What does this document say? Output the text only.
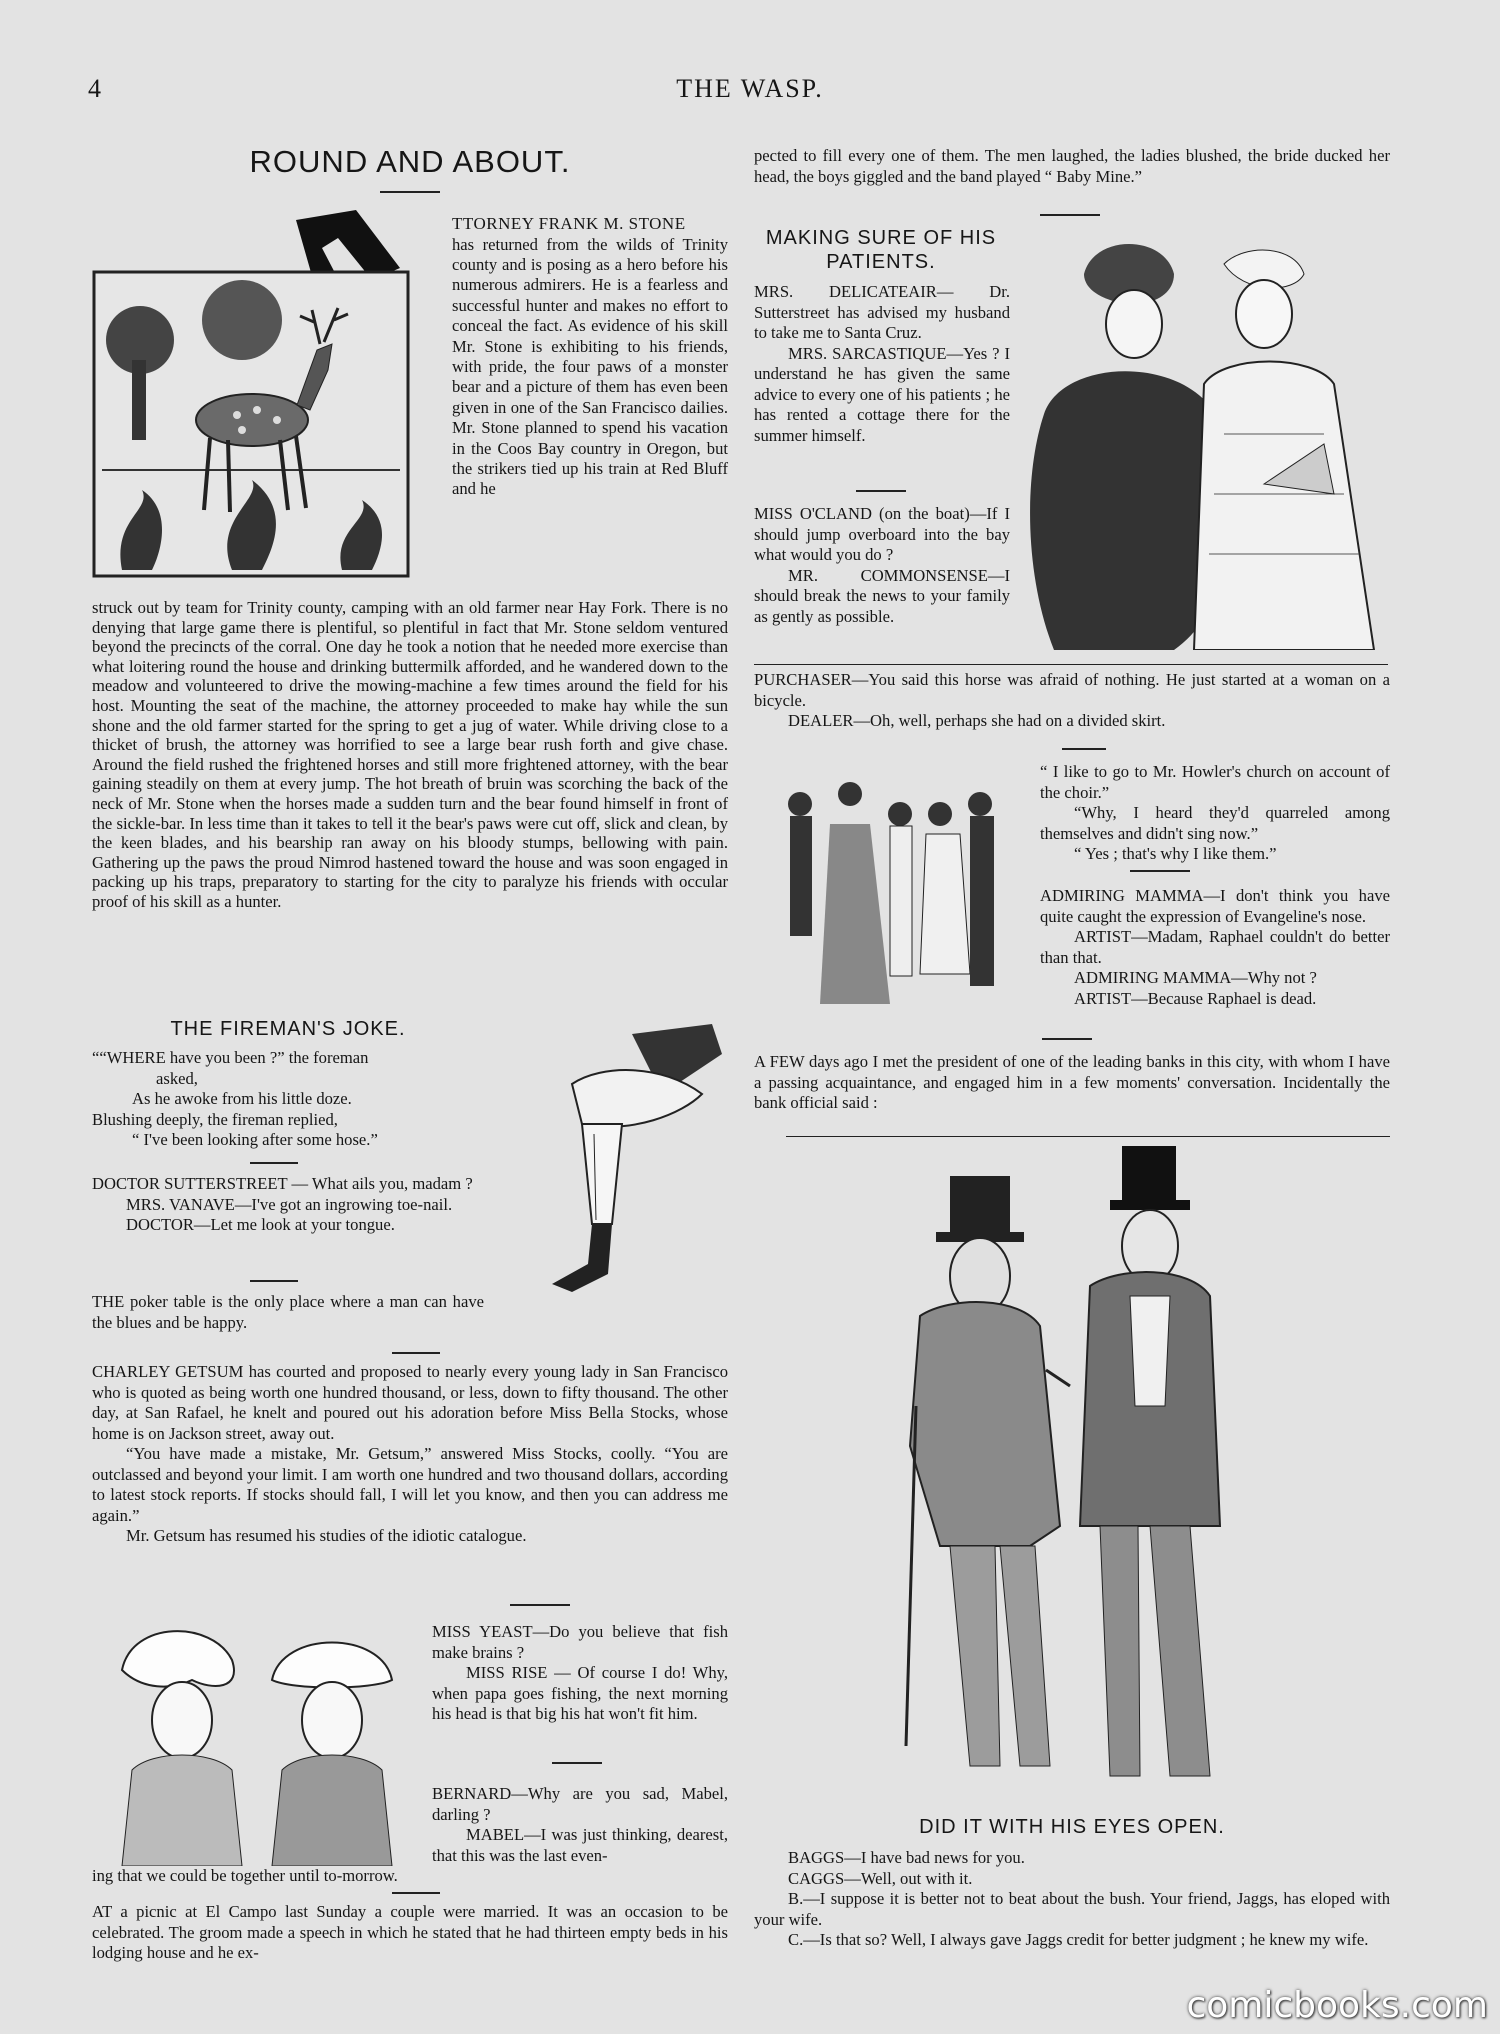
4	THE WASP.
ROUND AND ABOUT.

TTORNEY FRANK M. STONE

has returned from the wilds of Trinity county and is posing as a hero before his numerous admirers. He is a fearless and successful hunter and makes no effort to conceal the fact. As evidence of his skill Mr. Stone is exhibiting to his friends, with pride, the four paws of a monster bear and a picture of them has even been given in one of the San Francisco dailies. Mr. Stone planned to spend his vacation in the Coos Bay country in Oregon, but the strikers tied up his train at Red Bluff and he

struck out by team for Trinity county, camping with an old farmer near Hay Fork. There is no denying that large game there is plentiful, so plentiful in fact that Mr. Stone seldom ventured beyond the precincts of the corral. One day he took a notion that he needed more exercise than what loitering round the house and drinking buttermilk afforded, and he wandered down to the meadow and volunteered to drive the mowing-machine a few times around the field for his host. Mounting the seat of the machine, the attorney proceeded to make hay while the sun shone and the old farmer started for the spring to get a jug of water. While driving close to a thicket of brush, the attorney was horrified to see a large bear rush forth and give chase. Around the field rushed the frightened horses and still more frightened attorney, with the bear gaining steadily on them at every jump. The hot breath of bruin was scorching the back of the neck of Mr. Stone when the horses made a sudden turn and the bear found himself in front of the sickle-bar. In less time than it takes to tell it the bear's paws were cut off, slick and clean, by the keen blades, and his bearship ran away on his bloody stumps, bellowing with pain. Gathering up the paws the proud Nimrod hastened toward the house and was soon engaged in packing up his traps, preparatory to starting for the city to paralyze his friends with occular proof of his skill as a hunter.

THE FIREMAN'S JOKE.

““WHERE have you been ?” the foreman

asked,

As he awoke from his little doze.

Blushing deeply, the fireman replied,

“ I've been looking after some hose.”

DOCTOR SUTTERSTREET — What ails you, madam ?

MRS. VANAVE—I've got an ingrowing toe-nail.

DOCTOR—Let me look at your tongue.

THE poker table is the only place where a man can have the blues and be happy.

CHARLEY GETSUM has courted and proposed to nearly every young lady in San Francisco who is quoted as being worth one hundred thousand, or less, down to fifty thousand. The other day, at San Rafael, he knelt and poured out his adoration before Miss Bella Stocks, whose home is on Jackson street, away out.

“You have made a mistake, Mr. Getsum,” answered Miss Stocks, coolly. “You are outclassed and beyond your limit. I am worth one hundred and two thousand dollars, according to latest stock reports. If stocks should fall, I will let you know, and then you can address me again.”

Mr. Getsum has resumed his studies of the idiotic catalogue.

MISS YEAST—Do you believe that fish make brains ?

MISS RISE — Of course I do! Why, when papa goes fishing, the next morning his head is that big his hat won't fit him.

BERNARD—Why are you sad, Mabel, darling ?

MABEL—I was just thinking, dearest, that this was the last even-

ing that we could be together until to-morrow.
AT a picnic at El Campo last Sunday a couple were married. It was an occasion to be celebrated. The groom made a speech in which he stated that he had thirteen empty beds in his lodging house and he ex-
pected to fill every one of them. The men laughed, the ladies blushed, the bride ducked her head, the boys giggled and the band played “ Baby Mine.”
MAKING SURE OF HIS PATIENTS.

MRS. DELICATEAIR— Dr. Sutterstreet has advised my husband to take me to Santa Cruz.

MRS. SARCASTIQUE—Yes ? I understand he has given the same advice to every one of his patients ; he has rented a cottage there for the summer himself.

MISS O'CLAND (on the boat)—If I should jump overboard into the bay what would you do ?

MR. COMMONSENSE—I should break the news to your family as gently as possible.

PURCHASER—You said this horse was afraid of nothing. He just started at a woman on a bicycle.

DEALER—Oh, well, perhaps she had on a divided skirt.

“ I like to go to Mr. Howler's church on account of the choir.”

“Why, I heard they'd quarreled among themselves and didn't sing now.”

“ Yes ; that's why I like them.”

ADMIRING MAMMA—I don't think you have quite caught the expression of Evangeline's nose.

ARTIST—Madam, Raphael couldn't do better than that.

ADMIRING MAMMA—Why not ?

ARTIST—Because Raphael is dead.

A FEW days ago I met the president of one of the leading banks in this city, with whom I have a passing acquaintance, and engaged him in a few moments' conversation. Incidentally the bank official said :
DID IT WITH HIS EYES OPEN.

BAGGS—I have bad news for you.

CAGGS—Well, out with it.

B.—I suppose it is better not to beat about the bush. Your friend, Jaggs, has eloped with your wife.

C.—Is that so? Well, I always gave Jaggs credit for better judgment ; he knew my wife.

comicbooks.com
